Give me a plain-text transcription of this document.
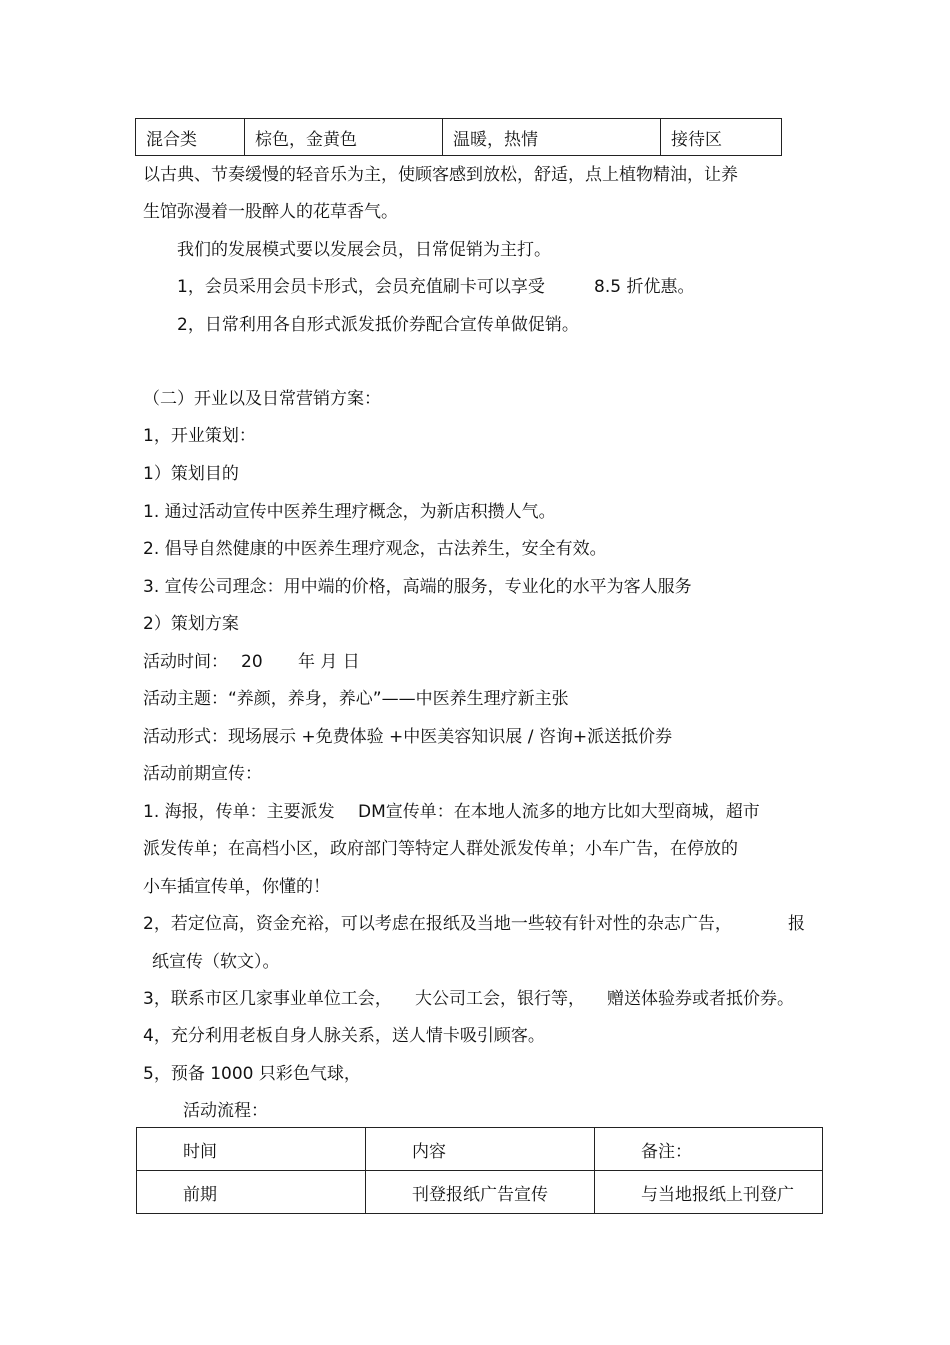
混合类	棕色，金黄色	温暖，热情	接待区
以古典、节奏缓慢的轻音乐为主，使顾客感到放松，舒适，点上植物精油，让养
生馆弥漫着一股醉人的花草香气。
我们的发展模式要以发展会员，日常促销为主打。
1，会员采用会员卡形式，会员充值刷卡可以享受	8.5 折优惠。
2，日常利用各自形式派发抵价券配合宣传单做促销。
（二）开业以及日常营销方案：
1，开业策划：
1）策划目的
1. 通过活动宣传中医养生理疗概念，为新店积攒人气。
2. 倡导自然健康的中医养生理疗观念，古法养生，安全有效。
3. 宣传公司理念：用中端的价格，高端的服务，专业化的水平为客人服务
2）策划方案
活动时间： 20 年 月 日
活动主题：“养颜，养身，养心”——中医养生理疗新主张
活动形式：现场展示 +免费体验 +中医美容知识展 / 咨询+派送抵价券
活动前期宣传：
1. 海报，传单：主要派发 DM宣传单：在本地人流多的地方比如大型商城，超市
派发传单；在高档小区，政府部门等特定人群处派发传单；小车广告，在停放的
小车插宣传单，你懂的！
2，若定位高，资金充裕，可以考虑在报纸及当地一些较有针对性的杂志广告，	报
纸宣传（软文）。
3，联系市区几家事业单位工会， 大公司工会，银行等， 赠送体验券或者抵价券。
4，充分利用老板自身人脉关系，送人情卡吸引顾客。
5，预备 1000 只彩色气球，
活动流程：
时间	内容	备注：
前期	刊登报纸广告宣传	与当地报纸上刊登广
